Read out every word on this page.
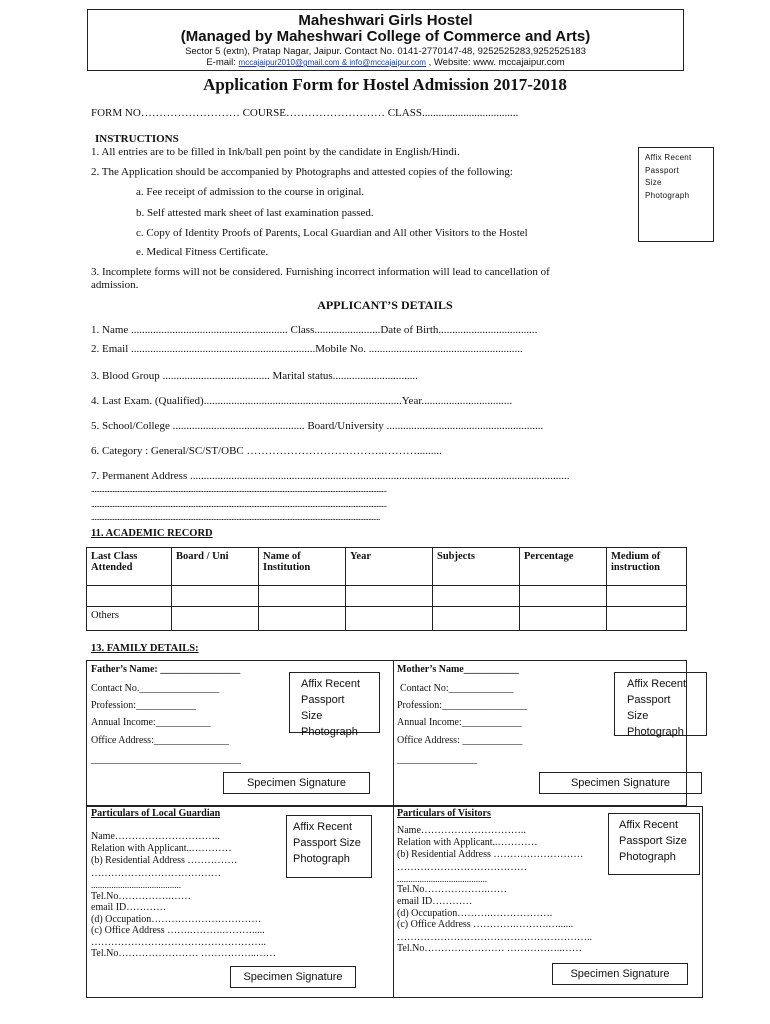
Maheshwari Girls Hostel
(Managed by Maheshwari College of Commerce and Arts)
Sector 5 (extn), Pratap Nagar, Jaipur. Contact No. 0141-2770147-48, 9252525283,9252525183
E-mail: mccajaipur2010@gmail.com & info@mccajaipur.com , Website: www. mccajaipur.com
Application Form for Hostel Admission 2017-2018
FORM NO……………………… COURSE……………………… CLASS...................................
INSTRUCTIONS
1. All entries are to be filled in Ink/ball pen point by the candidate in English/Hindi.
2. The Application should be accompanied by Photographs and attested copies of the following:
a. Fee receipt of admission to the course in original.
b. Self attested mark sheet of last examination passed.
c. Copy of Identity Proofs of Parents, Local Guardian and All other Visitors to the Hostel
e. Medical Fitness Certificate.
3. Incomplete forms will not be considered. Furnishing incorrect information will lead to cancellation of
admission.
Affix Recent
Passport
Size
Photograph
APPLICANT’S DETAILS
1. Name ......................................................... Class........................Date of Birth....................................
2. Email ...................................................................Mobile No. ........................................................
3. Blood Group ....................................... Marital status...............................
4. Last Exam. (Qualified)........................................................................Year.................................
5. School/College ................................................ Board/University .........................................................
6. Category : General/SC/ST/OBC ………………………………..……….........
7. Permanent Address ..........................................................................................................................................
...................................................................................................................................................................................
...................................................................................................................................................................................
...............................................................................................................................................................................
11. ACADEMIC RECORD
Last Class Attended	Board / Uni	Name of Institution	Year	Subjects	Percentage	Medium of instruction

Others						
13. FAMILY DETAILS:
Father’s Name: ________________
Contact No.________________
Profession:____________
Annual Income:___________
Office Address:_______________
______________________________
Affix Recent
Passport Size
Photograph
Specimen Signature
Mother’s Name___________
Contact No:_____________
Profession:_________________
Annual Income:____________
Office Address: ____________
________________
Affix Recent
Passport Size
Photograph
Specimen Signature
Particulars of Local Guardian
Name…………………………..
Relation with Applicant..…………
(b) Residential Address ……………
…………………………………
........................................
Tel.No…………….……
email ID…………
(d) Occupation……………………………
(c) Office Address …….……….……….....
……………………………………………..
Tel.No…………………… ……………..……
Affix Recent
Passport Size
Photograph
Specimen Signature
Particulars of Visitors
Name…………………………..
Relation with Applicant..…………
(b) Residential Address ………………………
…………………………………
........................................
Tel.No……………….……
email ID…………
(d) Occupation……….……………….
(c) Office Address ………….……….…......
…………………………………………………..
Tel.No…………………… ……………..……
Affix Recent
Passport Size
Photograph
Specimen Signature
